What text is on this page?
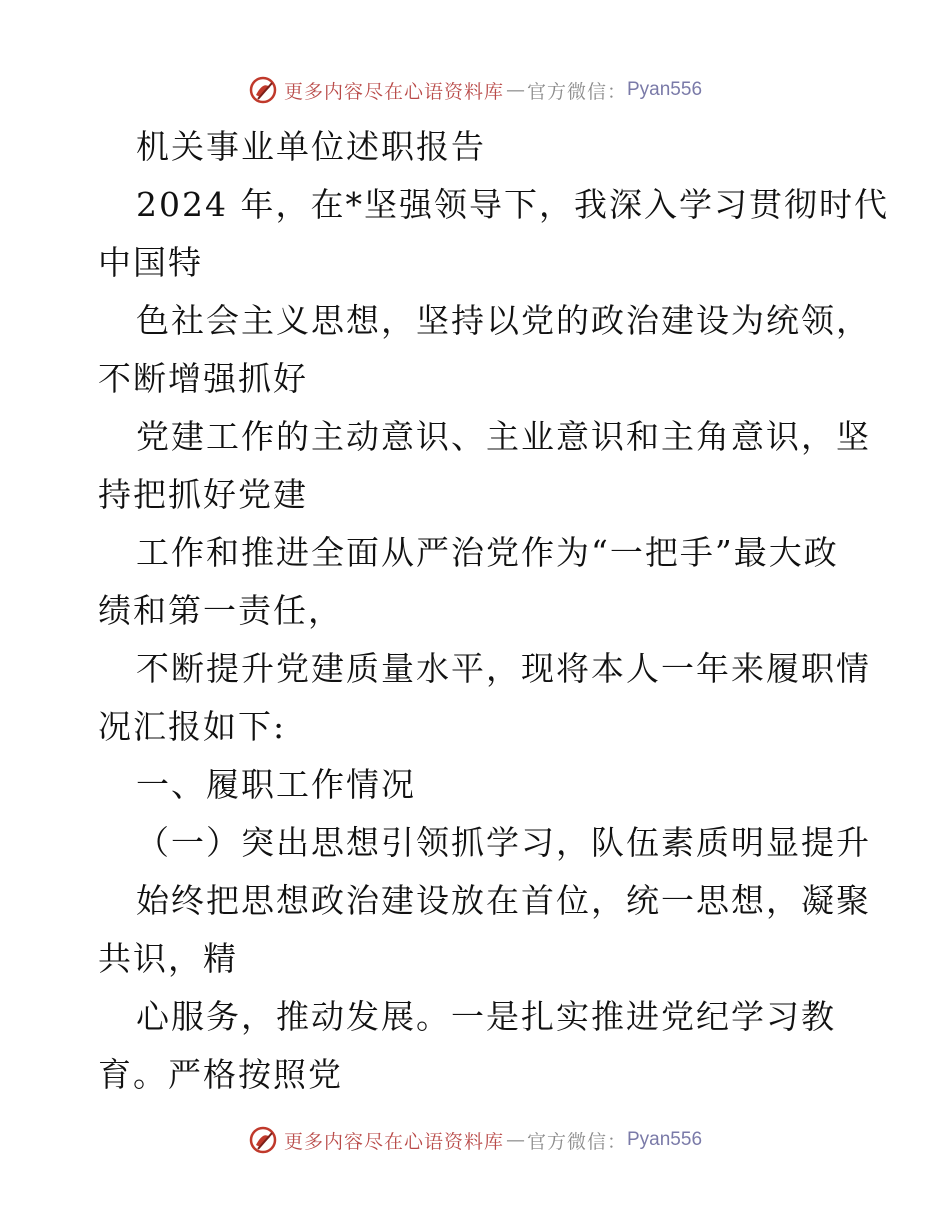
更多内容尽在心语资料库 — 官方微信： Pyan556
机关事业单位述职报告
2024 年，在*坚强领导下，我深入学习贯彻时代
中国特
色社会主义思想，坚持以党的政治建设为统领，
不断增强抓好
党建工作的主动意识、主业意识和主角意识，坚
持把抓好党建
工作和推进全面从严治党作为“一把手”最大政
绩和第一责任，
不断提升党建质量水平，现将本人一年来履职情
况汇报如下:
一、履职工作情况
（一）突出思想引领抓学习，队伍素质明显提升
始终把思想政治建设放在首位，统一思想，凝聚
共识，精
心服务，推动发展。一是扎实推进党纪学习教
育。严格按照党
更多内容尽在心语资料库 — 官方微信： Pyan556
